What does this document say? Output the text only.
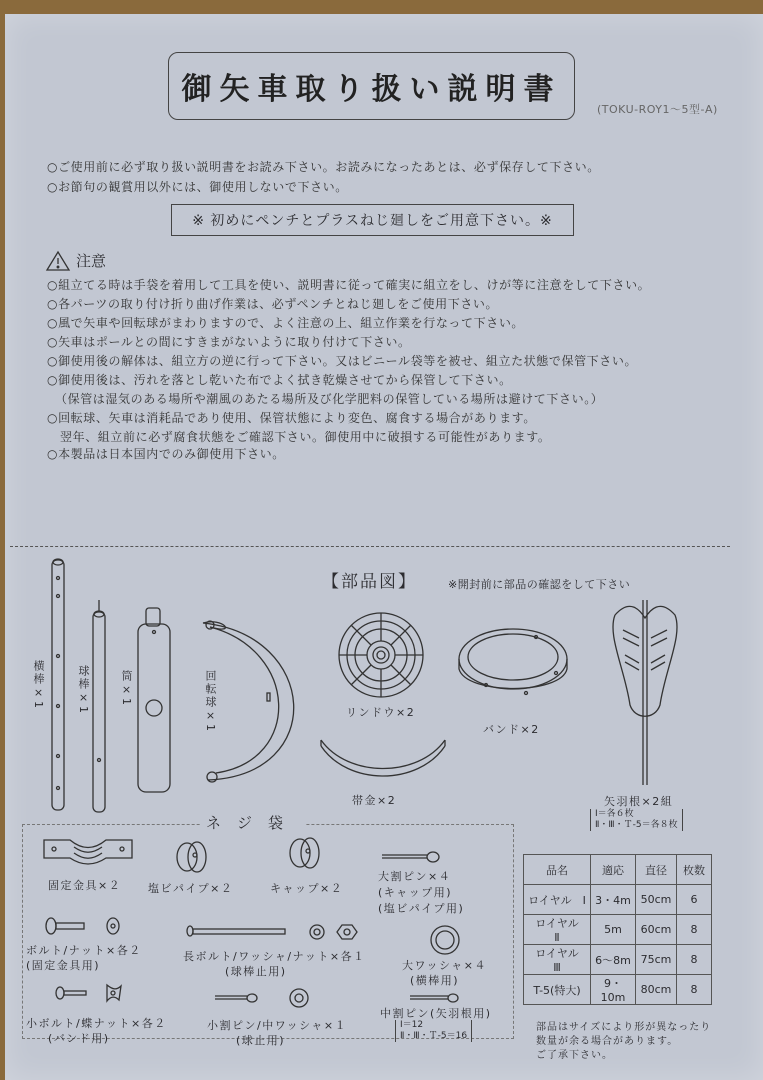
御矢車取り扱い説明書
(TOKU-ROY1～5型-A)
○ご使用前に必ず取り扱い説明書をお読み下さい。お読みになったあとは、必ず保存して下さい。
○お節句の観賞用以外には、御使用しないで下さい。
※ 初めにペンチとプラスねじ廻しをご用意下さい。※
注意
○組立てる時は手袋を着用して工具を使い、説明書に従って確実に組立をし、けが等に注意をして下さい。
○各パーツの取り付け折り曲げ作業は、必ずペンチとねじ廻しをご使用下さい。
○風で矢車や回転球がまわりますので、よく注意の上、組立作業を行なって下さい。
○矢車はポールとの間にすきまがないように取り付けて下さい。
○御使用後の解体は、組立方の逆に行って下さい。又はビニール袋等を被せ、組立た状態で保管下さい。
○御使用後は、汚れを落とし乾いた布でよく拭き乾燥させてから保管して下さい。
（保管は湿気のある場所や潮風のあたる場所及び化学肥料の保管している場所は避けて下さい。）
○回転球、矢車は消耗品であり使用、保管状態により変色、腐食する場合があります。
翌年、組立前に必ず腐食状態をご確認下さい。御使用中に破損する可能性があります。
○本製品は日本国内でのみ御使用下さい。
【部品図】	※開封前に部品の確認をして下さい
横棒×1	球棒×1	筒×1	回転球×1	リンドウ×2
バンド×2
帯金×2	矢羽根×2組
Ⅰ＝各６枚
Ⅱ・Ⅲ・Ｔ-5＝各８枚
ネジ袋
固定金具×２ 塩ビパイプ×２	キャップ×２
大割ピン×４
(キャップ用)
(塩ビパイプ用)
ボルト/ナット×各２
(固定金具用)
長ボルト/ワッシャ/ナット×各１
(球棒止用)	大ワッシャ×４
(横棒用)
小ボルト/蝶ナット×各２
(バンド用)
小割ピン/中ワッシャ×１
(球止用)
中割ピン(矢羽根用)
Ⅰ＝12
Ⅱ・Ⅲ・Ｔ-5＝16
品名	適応	直径	枚数
ロイヤル　Ⅰ	3・4m	50cm	6
ロイヤル　Ⅱ	5m	60cm	8
ロイヤル　Ⅲ	6～8m	75cm	8
T-5(特大)	9・10m	80cm	8
部品はサイズにより形が異なったり
数量が余る場合があります。
ご了承下さい。
